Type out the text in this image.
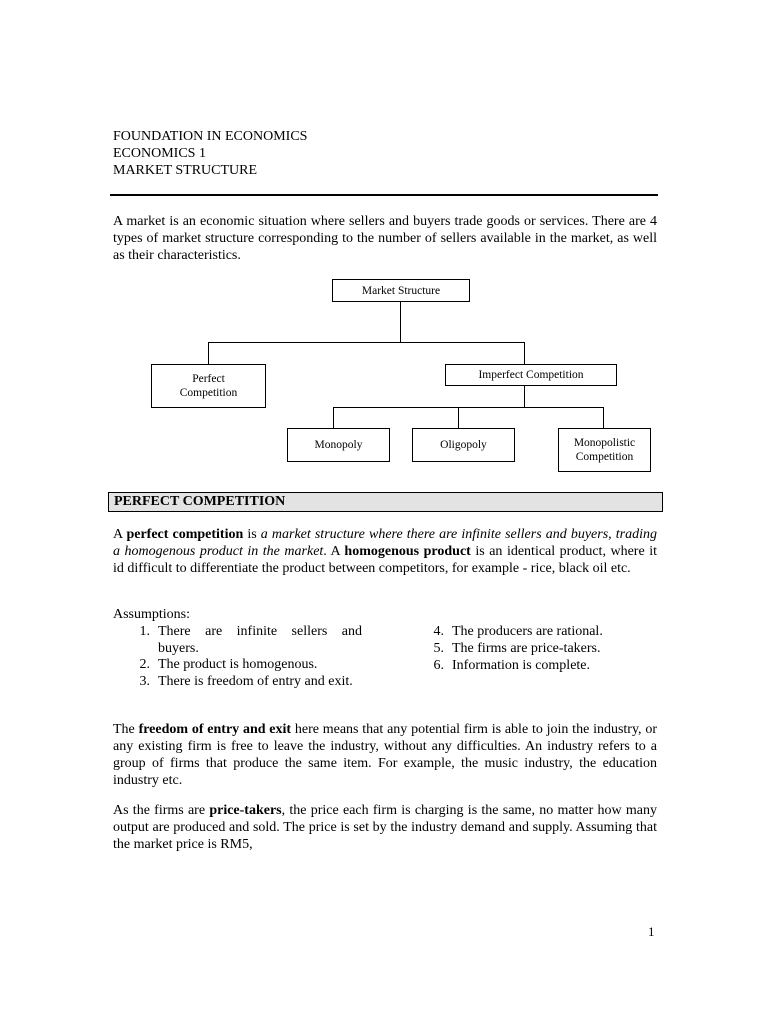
FOUNDATION IN ECONOMICS
ECONOMICS 1
MARKET STRUCTURE
A market is an economic situation where sellers and buyers trade goods or services. There are 4 types of market structure corresponding to the number of sellers available in the market, as well as their characteristics.
Market Structure
Perfect
Competition
Imperfect Competition
Monopoly	Oligopoly	Monopolistic
Competition
PERFECT COMPETITION
A perfect competition is a market structure where there are infinite sellers and buyers, trading a homogenous product in the market. A homogenous product is an identical product, where it id difficult to differentiate the product between competitors, for example - rice, black oil etc.
Assumptions:
1. There are infinite sellers and buyers.
2. The product is homogenous.
3. There is freedom of entry and exit.
4. The producers are rational.
5. The firms are price-takers.
6. Information is complete.
The freedom of entry and exit here means that any potential firm is able to join the industry, or any existing firm is free to leave the industry, without any difficulties. An industry refers to a group of firms that produce the same item. For example, the music industry, the education industry etc.
As the firms are price-takers, the price each firm is charging is the same, no matter how many output are produced and sold. The price is set by the industry demand and supply. Assuming that the market price is RM5,
1
